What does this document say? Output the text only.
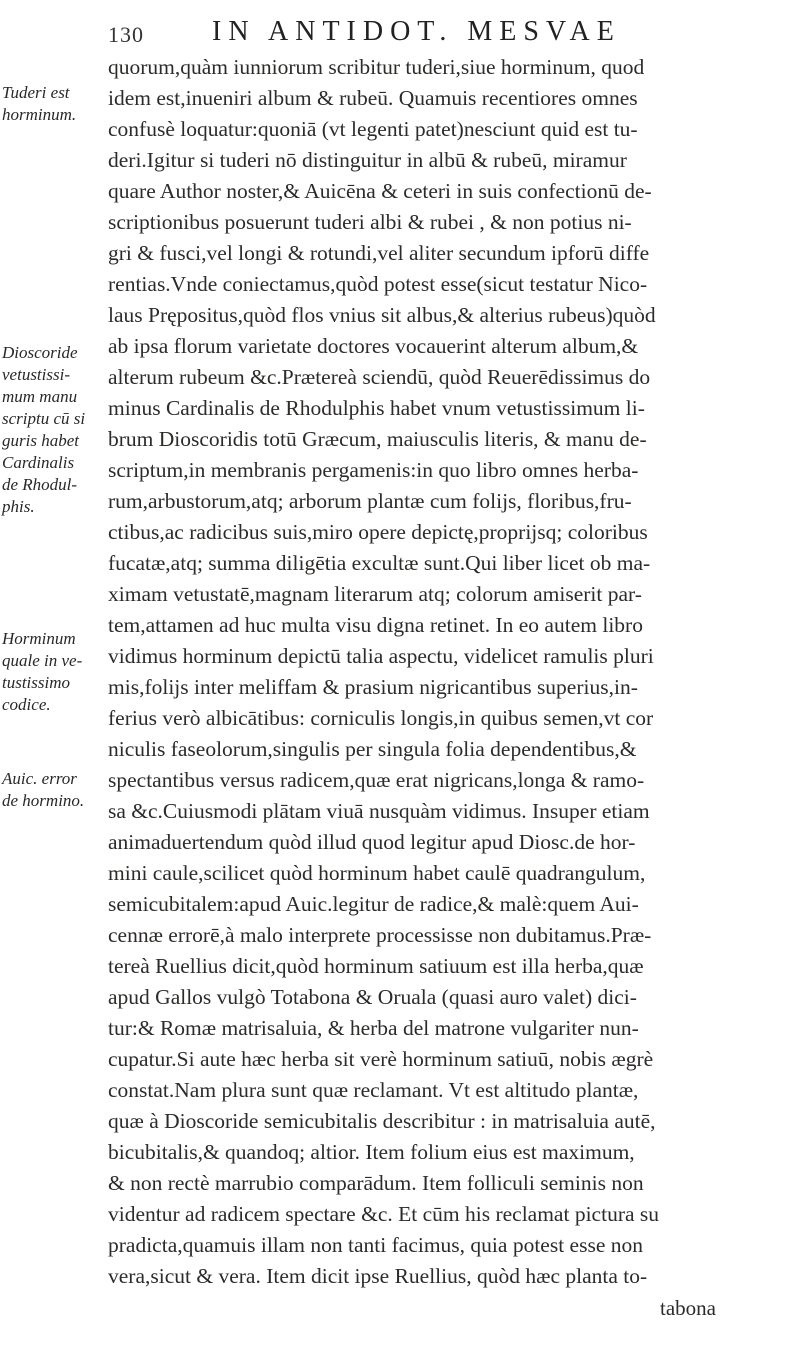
130 IN ANTIDOT. MESVAE
Tuderi est
horminum.
Dioscoride
vetustissi-
mum manu
scriptu cū si
guris habet
Cardinalis
de Rhodul-
phis.
Horminum
quale in ve-
tustissimo
codice.
Auic. error
de hormino.
quorum,quàm iunniorum scribitur tuderi,siue horminum, quod
idem est,inueniri album & rubeū. Quamuis recentiores omnes
confusè loquatur:quoniā (vt legenti patet)nesciunt quid est tu-
deri.Igitur si tuderi nō distinguitur in albū & rubeū, miramur
quare Author noster,& Auicēna & ceteri in suis confectionū de-
scriptionibus posuerunt tuderi albi & rubei , & non potius ni-
gri & fusci,vel longi & rotundi,vel aliter secundum ipforū diffe
rentias.Vnde coniectamus,quòd potest esse(sicut testatur Nico-
laus Prępositus,quòd flos vnius sit albus,& alterius rubeus)quòd
ab ipsa florum varietate doctores vocauerint alterum album,&
alterum rubeum &c.Prætereà sciendū, quòd Reuerēdissimus do
minus Cardinalis de Rhodulphis habet vnum vetustissimum li-
brum Dioscoridis totū Græcum, maiusculis literis, & manu de-
scriptum,in membranis pergamenis:in quo libro omnes herba-
rum,arbustorum,atq; arborum plantæ cum folijs, floribus,fru-
ctibus,ac radicibus suis,miro opere depictę,proprijsq; coloribus
fucatæ,atq; summa diligētia excultæ sunt.Qui liber licet ob ma-
ximam vetustatē,magnam literarum atq; colorum amiserit par-
tem,attamen ad huc multa visu digna retinet. In eo autem libro
vidimus horminum depictū talia aspectu, videlicet ramulis pluri
mis,folijs inter meliffam & prasium nigricantibus superius,in-
ferius verò albicātibus: corniculis longis,in quibus semen,vt cor
niculis faseolorum,singulis per singula folia dependentibus,&
spectantibus versus radicem,quæ erat nigricans,longa & ramo-
sa &c.Cuiusmodi plātam viuā nusquàm vidimus. Insuper etiam
animaduertendum quòd illud quod legitur apud Diosc.de hor-
mini caule,scilicet quòd horminum habet caulē quadrangulum,
semicubitalem:apud Auic.legitur de radice,& malè:quem Aui-
cennæ errorē,à malo interprete processisse non dubitamus.Præ-
tereà Ruellius dicit,quòd horminum satiuum est illa herba,quæ
apud Gallos vulgò Totabona & Oruala (quasi auro valet) dici-
tur:& Romæ matrisaluia, & herba del matrone vulgariter nun-
cupatur.Si aute hæc herba sit verè horminum satiuū, nobis ægrè
constat.Nam plura sunt quæ reclamant. Vt est altitudo plantæ,
quæ à Dioscoride semicubitalis describitur : in matrisaluia autē,
bicubitalis,& quandoq; altior. Item folium eius est maximum,
& non rectè marrubio comparādum. Item folliculi seminis non
videntur ad radicem spectare &c. Et cūm his reclamat pictura su
pradicta,quamuis illam non tanti facimus, quia potest esse non
vera,sicut & vera. Item dicit ipse Ruellius, quòd hæc planta to-
tabona
